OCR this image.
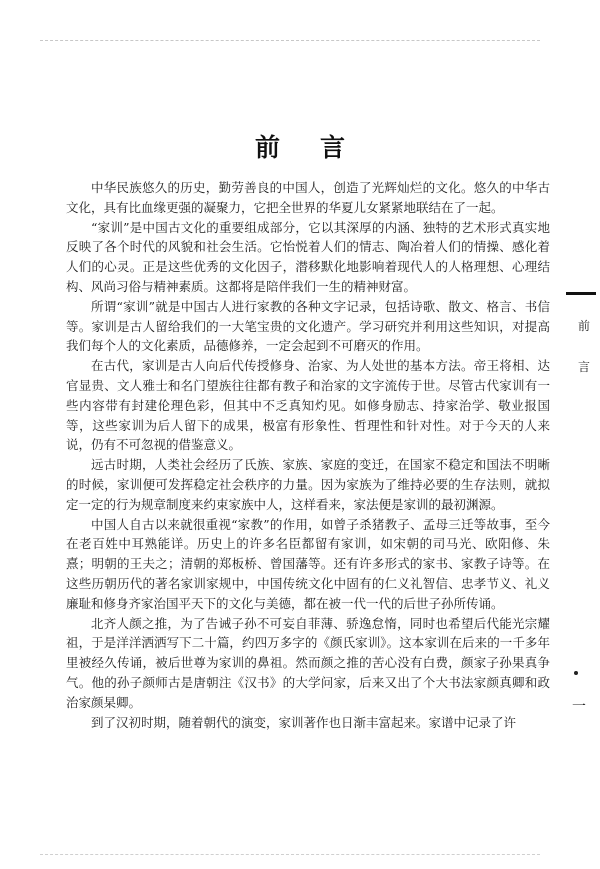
前言

中华民族悠久的历史，勤劳善良的中国人，创造了光辉灿烂的文化。悠久的中华古文化，具有比血缘更强的凝聚力，它把全世界的华夏儿女紧紧地联结在了一起。

“家训”是中国古文化的重要组成部分，它以其深厚的内涵、独特的艺术形式真实地反映了各个时代的风貌和社会生活。它怡悦着人们的情志、陶冶着人们的情操、感化着人们的心灵。正是这些优秀的文化因子，潜移默化地影响着现代人的人格理想、心理结构、风尚习俗与精神素质。这都将是陪伴我们一生的精神财富。

所谓“家训”就是中国古人进行家教的各种文字记录，包括诗歌、散文、格言、书信等。家训是古人留给我们的一大笔宝贵的文化遗产。学习研究并利用这些知识，对提高我们每个人的文化素质，品德修养，一定会起到不可磨灭的作用。

在古代，家训是古人向后代传授修身、治家、为人处世的基本方法。帝王将相、达官显贵、文人雅士和名门望族往往都有教子和治家的文字流传于世。尽管古代家训有一些内容带有封建伦理色彩，但其中不乏真知灼见。如修身励志、持家治学、敬业报国等，这些家训为后人留下的成果，极富有形象性、哲理性和针对性。对于今天的人来说，仍有不可忽视的借鉴意义。

远古时期，人类社会经历了氏族、家族、家庭的变迁，在国家不稳定和国法不明晰的时候，家训便可发挥稳定社会秩序的力量。因为家族为了维持必要的生存法则，就拟定一定的行为规章制度来约束家族中人，这样看来，家法便是家训的最初渊源。

中国人自古以来就很重视“家教”的作用，如曾子杀猪教子、孟母三迁等故事，至今在老百姓中耳熟能详。历史上的许多名臣都留有家训，如宋朝的司马光、欧阳修、朱熹；明朝的王夫之；清朝的郑板桥、曾国藩等。还有许多形式的家书、家教子诗等。在这些历朝历代的著名家训家规中，中国传统文化中固有的仁义礼智信、忠孝节义、礼义廉耻和修身齐家治国平天下的文化与美德，都在被一代一代的后世子孙所传诵。

北齐人颜之推，为了告诫子孙不可妄自菲薄、骄逸怠惰，同时也希望后代能光宗耀祖，于是洋洋洒洒写下二十篇，约四万多字的《颜氏家训》。这本家训在后来的一千多年里被经久传诵，被后世尊为家训的鼻祖。然而颜之推的苦心没有白费，颜家子孙果真争气。他的孙子颜师古是唐朝注《汉书》的大学问家，后来又出了个大书法家颜真卿和政治家颜杲卿。

到了汉初时期，随着朝代的演变，家训著作也日渐丰富起来。家谱中记录了许

前
言
一
